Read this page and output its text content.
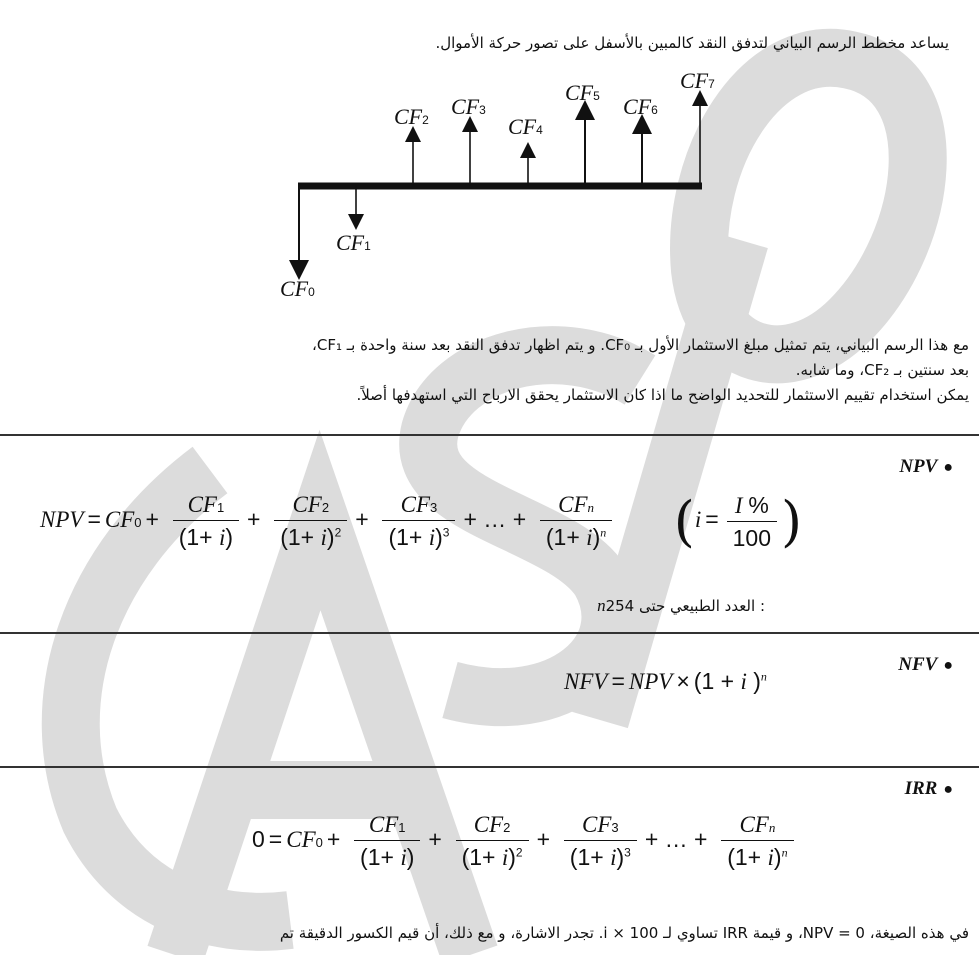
يساعد مخطط الرسم البياني لتدفق النقد كالمبين بالأسفل على تصور حركة الأموال.
CF0
CF1
CF2
CF3
CF4
CF5 CF6
CF7
مع هذا الرسم البياني، يتم تمثيل مبلغ الاستثمار الأول بـ CF₀. و يتم اظهار تدفق النقد بعد سنة واحدة بـ CF₁،
بعد سنتين بـ CF₂، وما شابه.
يمكن استخدام تقييم الاستثمار للتحديد الواضح ما اذا كان الاستثمار يحقق الارباح التي استهدفها أصلاً.
NPV ●
NPV = $CF0 + \frac{CF1}{(1+ i)} + \frac{CF2}{(1+ i)^2} + \frac{CF3}{(1+ i)^3}$ + … + $\frac{\text{CFn}}{(1+ i)^n} (i = \frac{I \%}{100}$ )
n: العدد الطبيعي حتى 254
NFV ●
NFV = NPV × (1 + i )$^n$
IRR ●
$0 = CF0 + \frac{CF1}{(1+ i)} + \frac{CF2}{(1+ i)^2} + \frac{CF3}{(1+ i)^3}$ + … + $\frac{\text{CFn}}{(1+ i)^n}$
في هذه الصيغة، NPV = 0، و قيمة IRR تساوي لـ i × 100. تجدر الاشارة، و مع ذلك، أن قيم الكسور الدقيقة تم
